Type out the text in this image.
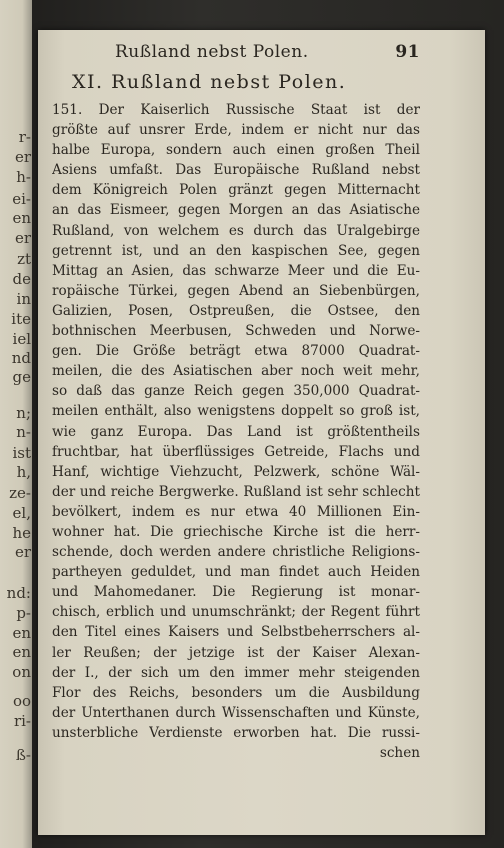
r-
er
h-
ei-
en
er
zt
de
in
ite
iel
nd
ge
n;
n-
ist
h,
ze-
el,
he
er
nd:
p-
en
en
on
oo
ri-
ß-
Rußland nebst Polen.	91
XI. Rußland nebst Polen.
151. Der Kaiserlich Russische Staat ist der
größte auf unsrer Erde, indem er nicht nur das
halbe Europa, sondern auch einen großen Theil
Asiens umfaßt. Das Europäische Rußland nebst
dem Königreich Polen gränzt gegen Mitternacht
an das Eismeer, gegen Morgen an das Asiatische
Rußland, von welchem es durch das Uralgebirge
getrennt ist, und an den kaspischen See, gegen
Mittag an Asien, das schwarze Meer und die Eu-
ropäische Türkei, gegen Abend an Siebenbürgen,
Galizien, Posen, Ostpreußen, die Ostsee, den
bothnischen Meerbusen, Schweden und Norwe-
gen. Die Größe beträgt etwa 87000 Quadrat-
meilen, die des Asiatischen aber noch weit mehr,
so daß das ganze Reich gegen 350,000 Quadrat-
meilen enthält, also wenigstens doppelt so groß ist,
wie ganz Europa. Das Land ist größtentheils
fruchtbar, hat überflüssiges Getreide, Flachs und
Hanf, wichtige Viehzucht, Pelzwerk, schöne Wäl-
der und reiche Bergwerke. Rußland ist sehr schlecht
bevölkert, indem es nur etwa 40 Millionen Ein-
wohner hat. Die griechische Kirche ist die herr-
schende, doch werden andere christliche Religions-
partheyen geduldet, und man findet auch Heiden
und Mahomedaner. Die Regierung ist monar-
chisch, erblich und unumschränkt; der Regent führt
den Titel eines Kaisers und Selbstbeherrschers al-
ler Reußen; der jetzige ist der Kaiser Alexan-
der I., der sich um den immer mehr steigenden
Flor des Reichs, besonders um die Ausbildung
der Unterthanen durch Wissenschaften und Künste,
unsterbliche Verdienste erworben hat. Die russi-
schen
